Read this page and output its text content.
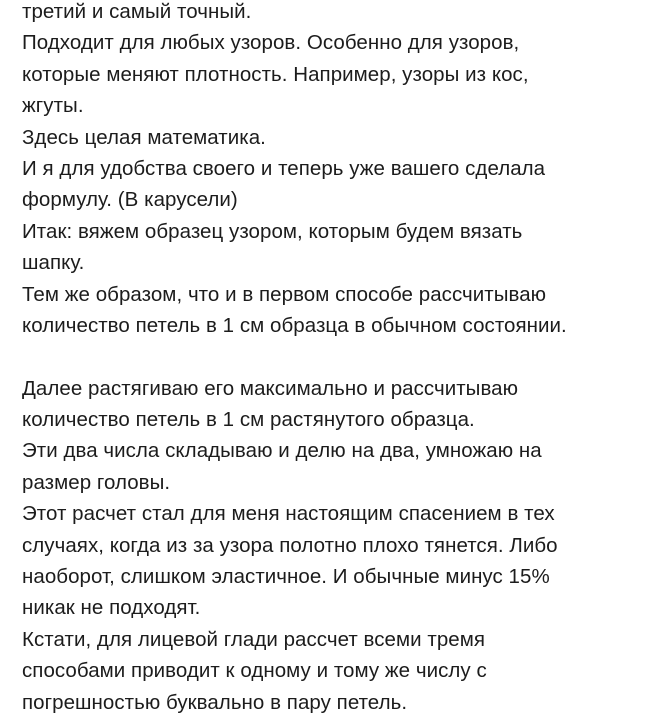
третий и самый точный.
Подходит для любых узоров. Особенно для узоров,
которые меняют плотность. Например, узоры из кос,
жгуты.
Здесь целая математика.
И я для удобства своего и теперь уже вашего сделала
формулу. (В карусели)
Итак: вяжем образец узором, которым будем вязать
шапку.
Тем же образом, что и в первом способе рассчитываю
количество петель в 1 см образца в обычном состоянии.
Далее растягиваю его максимально и рассчитываю
количество петель в 1 см растянутого образца.
Эти два числа складываю и делю на два, умножаю на
размер головы.
Этот расчет стал для меня настоящим спасением в тех
случаях, когда из за узора полотно плохо тянется. Либо
наоборот, слишком эластичное. И обычные минус 15%
никак не подходят.
Кстати, для лицевой глади рассчет всеми тремя
способами приводит к одному и тому же числу с
погрешностью буквально в пару петель.
